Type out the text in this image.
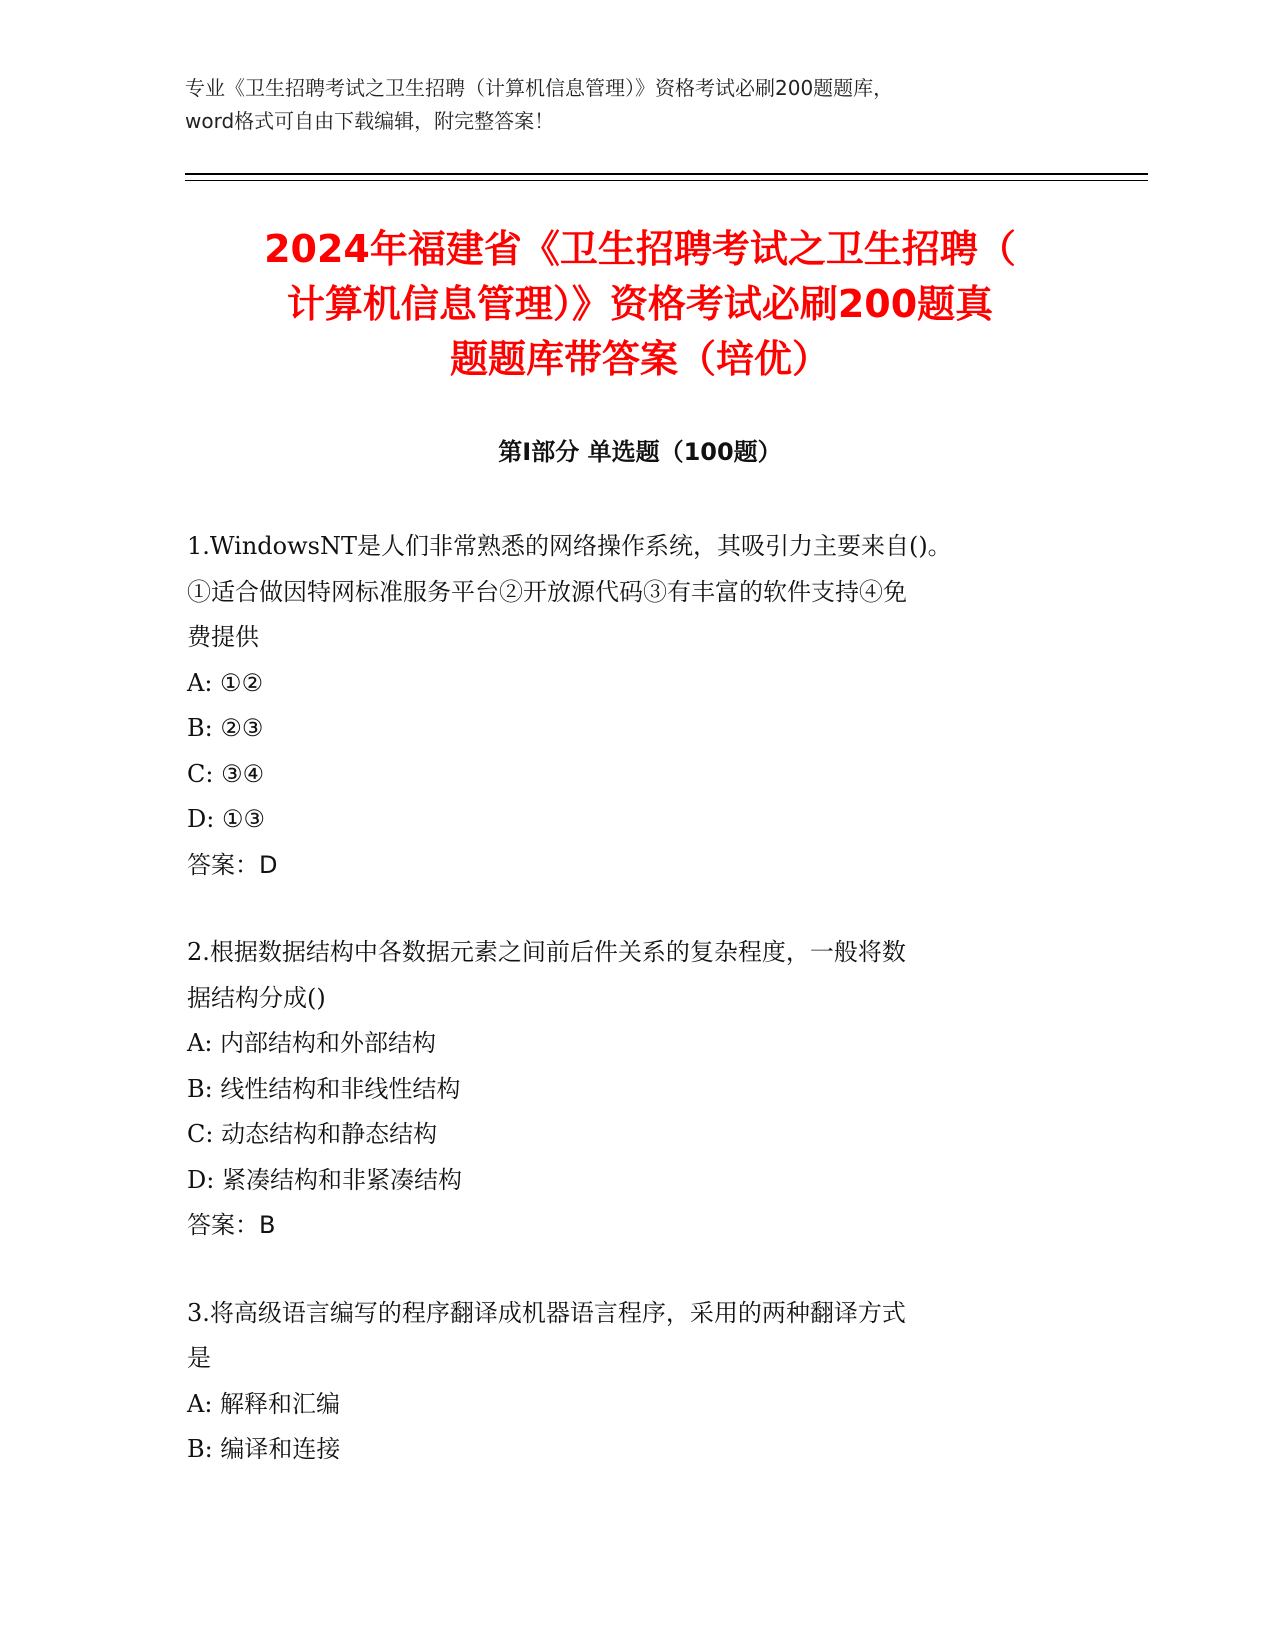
专业《卫生招聘考试之卫生招聘（计算机信息管理）》资格考试必刷200题题库，
word格式可自由下载编辑，附完整答案！
2024年福建省《卫生招聘考试之卫生招聘（
计算机信息管理）》资格考试必刷200题真
题题库带答案（培优）
第I部分 单选题（100题）
1.WindowsNT是人们非常熟悉的网络操作系统，其吸引力主要来自()。
①适合做因特网标准服务平台②开放源代码③有丰富的软件支持④免
费提供
A: ①②
B: ②③
C: ③④
D: ①③
答案：D
2.根据数据结构中各数据元素之间前后件关系的复杂程度，一般将数
据结构分成()
A: 内部结构和外部结构
B: 线性结构和非线性结构
C: 动态结构和静态结构
D: 紧凑结构和非紧凑结构
答案：B
3.将高级语言编写的程序翻译成机器语言程序，采用的两种翻译方式
是
A: 解释和汇编
B: 编译和连接
